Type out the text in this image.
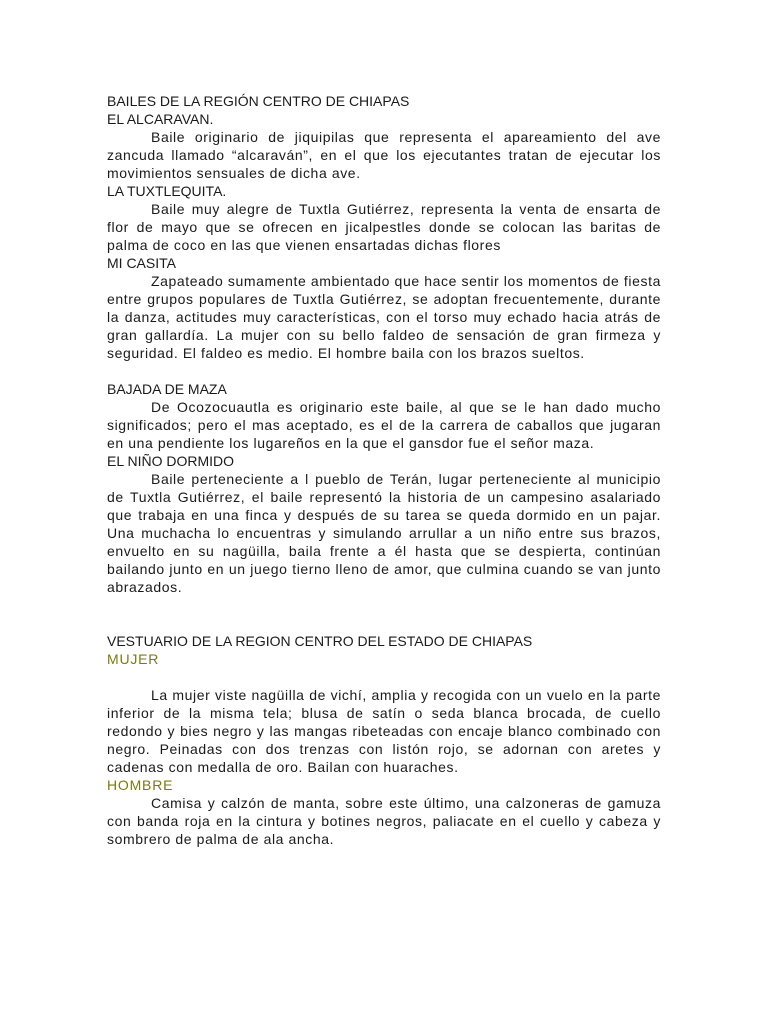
BAILES DE LA REGIÓN CENTRO DE CHIAPAS

EL ALCARAVAN.

Baile originario de jiquipilas que representa el apareamiento del ave zancuda llamado “alcaraván”, en el que los ejecutantes tratan de ejecutar los movimientos sensuales de dicha ave.

LA TUXTLEQUITA.

Baile muy alegre de Tuxtla Gutiérrez, representa la venta de ensarta de flor de mayo que se ofrecen en jicalpestles donde se colocan las baritas de palma de coco en las que vienen ensartadas dichas flores

MI CASITA

Zapateado sumamente ambientado que hace sentir los momentos de fiesta entre grupos populares de Tuxtla Gutiérrez, se adoptan frecuentemente, durante la danza, actitudes muy características, con el torso muy echado hacia atrás de gran gallardía. La mujer con su bello faldeo de sensación de gran firmeza y seguridad. El faldeo es medio. El hombre baila con los brazos sueltos.

BAJADA DE MAZA

De Ocozocuautla es originario este baile, al que se le han dado mucho significados; pero el mas aceptado, es el de la carrera de caballos que jugaran en una pendiente los lugareños en la que el gansdor fue el señor maza.

EL NIÑO DORMIDO

Baile perteneciente a l pueblo de Terán, lugar perteneciente al municipio de Tuxtla Gutiérrez, el baile representó la historia de un campesino asalariado que trabaja en una finca y después de su tarea se queda dormido en un pajar. Una muchacha lo encuentras y simulando arrullar a un niño entre sus brazos, envuelto en su nagüilla, baila frente a él hasta que se despierta, continúan bailando junto en un juego tierno lleno de amor, que culmina cuando se van junto abrazados.

VESTUARIO DE LA REGION CENTRO DEL ESTADO DE CHIAPAS

MUJER

La mujer viste nagüilla de vichí, amplia y recogida con un vuelo en la parte inferior de la misma tela; blusa de satín o seda blanca brocada, de cuello redondo y bies negro y las mangas ribeteadas con encaje blanco combinado con negro. Peinadas con dos trenzas con listón rojo, se adornan con aretes y cadenas con medalla de oro. Bailan con huaraches.

HOMBRE

Camisa y calzón de manta, sobre este último, una calzoneras de gamuza con banda roja en la cintura y botines negros, paliacate en el cuello y cabeza y sombrero de palma de ala ancha.
